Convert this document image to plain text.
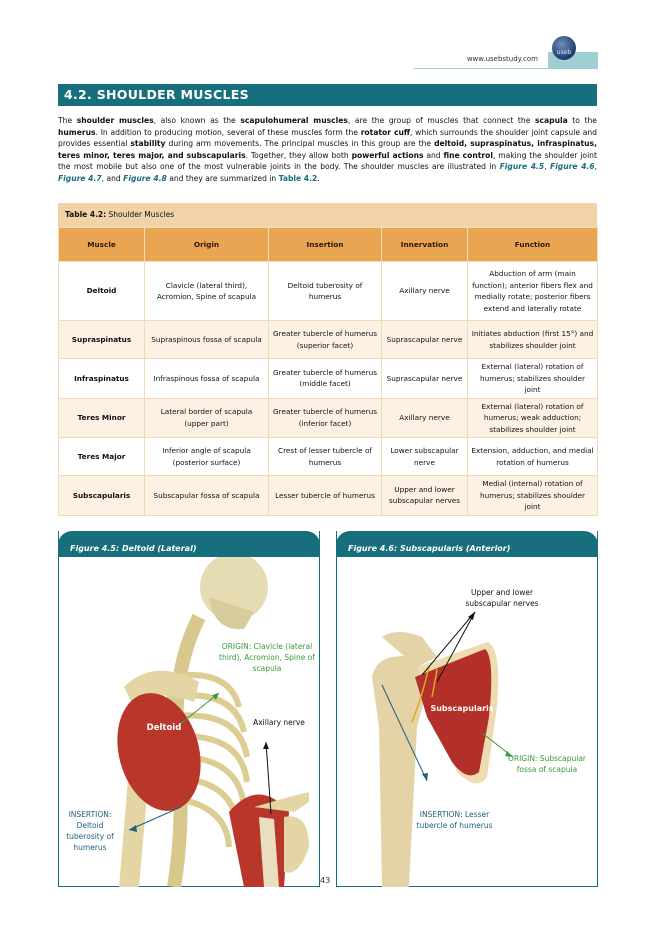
www.usebstudy.com
useb
4.2. SHOULDER MUSCLES
The shoulder muscles, also known as the scapulohumeral muscles, are the group of muscles that connect the scapula to the humerus. In addition to producing motion, several of these muscles form the rotator cuff, which surrounds the shoulder joint capsule and provides essential stability during arm movements. The principal muscles in this group are the deltoid, supraspinatus, infraspinatus, teres minor, teres major, and subscapularis. Together, they allow both powerful actions and fine control, making the shoulder joint the most mobile but also one of the most vulnerable joints in the body. The shoulder muscles are illustrated in Figure 4.5, Figure 4.6, Figure 4.7, and Figure 4.8 and they are summarized in Table 4.2.
Table 4.2: Shoulder Muscles
Muscle	Origin	Insertion	Innervation	Function
Deltoid	Clavicle (lateral third), Acromion, Spine of scapula	Deltoid tuberosity of humerus	Axillary nerve	Abduction of arm (main function); anterior fibers flex and medially rotate; posterior fibers extend and laterally rotate
Supraspinatus	Supraspinous fossa of scapula	Greater tubercle of humerus (superior facet)	Suprascapular nerve	Initiates abduction (first 15°) and stabilizes shoulder joint
Infraspinatus	Infraspinous fossa of scapula	Greater tubercle of humerus (middle facet)	Suprascapular nerve	External (lateral) rotation of humerus; stabilizes shoulder joint
Teres Minor	Lateral border of scapula (upper part)	Greater tubercle of humerus (inferior facet)	Axillary nerve	External (lateral) rotation of humerus; weak adduction; stabilizes shoulder joint
Teres Major	Inferior angle of scapula (posterior surface)	Crest of lesser tubercle of humerus	Lower subscapular nerve	Extension, adduction, and medial rotation of humerus
Subscapularis	Subscapular fossa of scapula	Lesser tubercle of humerus	Upper and lower subscapular nerves	Medial (internal) rotation of humerus; stabilizes shoulder joint
Figure 4.5: Deltoid (Lateral)
ORIGIN: Clavicle (lateral third), Acromion, Spine of scapula
Deltoid
Axillary nerve
INSERTION: Deltoid tuberosity of humerus
Figure 4.6: Subscapularis (Anterior)
Upper and lower subscapular nerves
Subscapularis
ORIGIN: Subscapular fossa of scapula
INSERTION: Lesser tubercle of humerus
43
